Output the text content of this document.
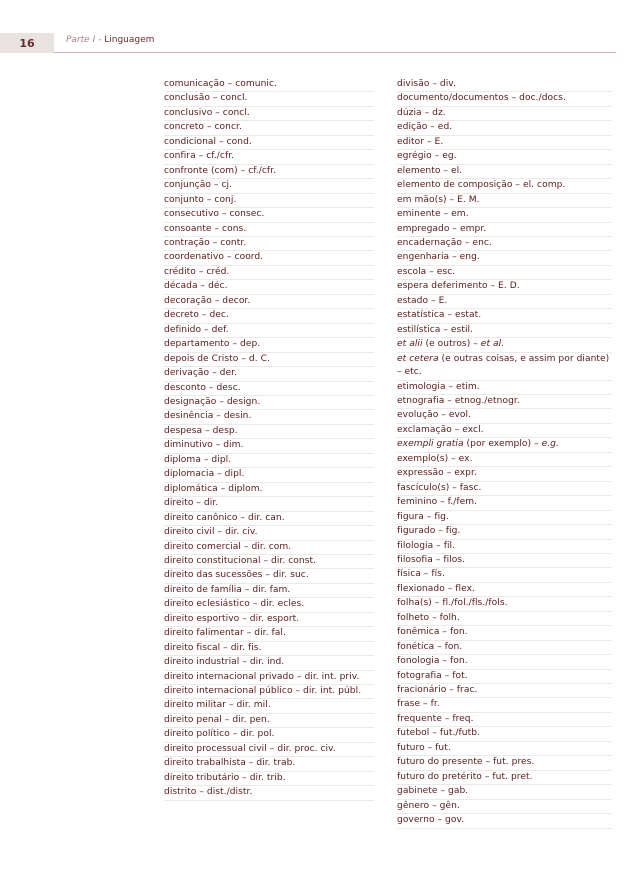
16	Parte I - Linguagem
comunicação – comunic.
conclusão – concl.
conclusivo – concl.
concreto – concr.
condicional – cond.
confira – cf./cfr.
confronte (com) – cf./cfr.
conjunção – cj.
conjunto – conj.
consecutivo – consec.
consoante – cons.
contração – contr.
coordenativo – coord.
crédito – créd.
década – déc.
decoração – decor.
decreto – dec.
definido – def.
departamento – dep.
depois de Cristo – d. C.
derivação – der.
desconto – desc.
designação – design.
desinência – desin.
despesa – desp.
diminutivo – dim.
diploma – dipl.
diplomacia – dipl.
diplomática – diplom.
direito – dir.
direito canônico – dir. can.
direito civil – dir. civ.
direito comercial – dir. com.
direito constitucional – dir. const.
direito das sucessões – dir. suc.
direito de família – dir. fam.
direito eclesiástico – dir. ecles.
direito esportivo – dir. esport.
direito falimentar – dir. fal.
direito fiscal – dir. fis.
direito industrial – dir. ind.
direito internacional privado – dir. int. priv.
direito internacional público – dir. int. públ.
direito militar – dir. mil.
direito penal – dir. pen.
direito político – dir. pol.
direito processual civil – dir. proc. civ.
direito trabalhista – dir. trab.
direito tributário – dir. trib.
distrito – dist./distr.
divisão – div.
documento/documentos – doc./docs.
dúzia – dz.
edição – ed.
editor – E.
egrégio – eg.
elemento – el.
elemento de composição – el. comp.
em mão(s) – E. M.
eminente – em.
empregado – empr.
encadernação – enc.
engenharia – eng.
escola – esc.
espera deferimento – E. D.
estado – E.
estatística – estat.
estilística – estil.
et alii (e outros) – et al.
et cetera (e outras coisas, e assim por diante) – etc.
etimologia – etim.
etnografia – etnog./etnogr.
evolução – evol.
exclamação – excl.
exempli gratia (por exemplo) – e.g.
exemplo(s) – ex.
expressão – expr.
fascículo(s) – fasc.
feminino – f./fem.
figura – fig.
figurado – fig.
filologia – fil.
filosofia – filos.
física – fís.
flexionado – flex.
folha(s) – fl./fol./fls./fols.
folheto – folh.
fonêmica – fon.
fonética – fon.
fonologia – fon.
fotografia – fot.
fracionário – frac.
frase – fr.
frequente – freq.
futebol – fut./futb.
futuro – fut.
futuro do presente – fut. pres.
futuro do pretérito – fut. pret.
gabinete – gab.
gênero – gên.
governo – gov.
